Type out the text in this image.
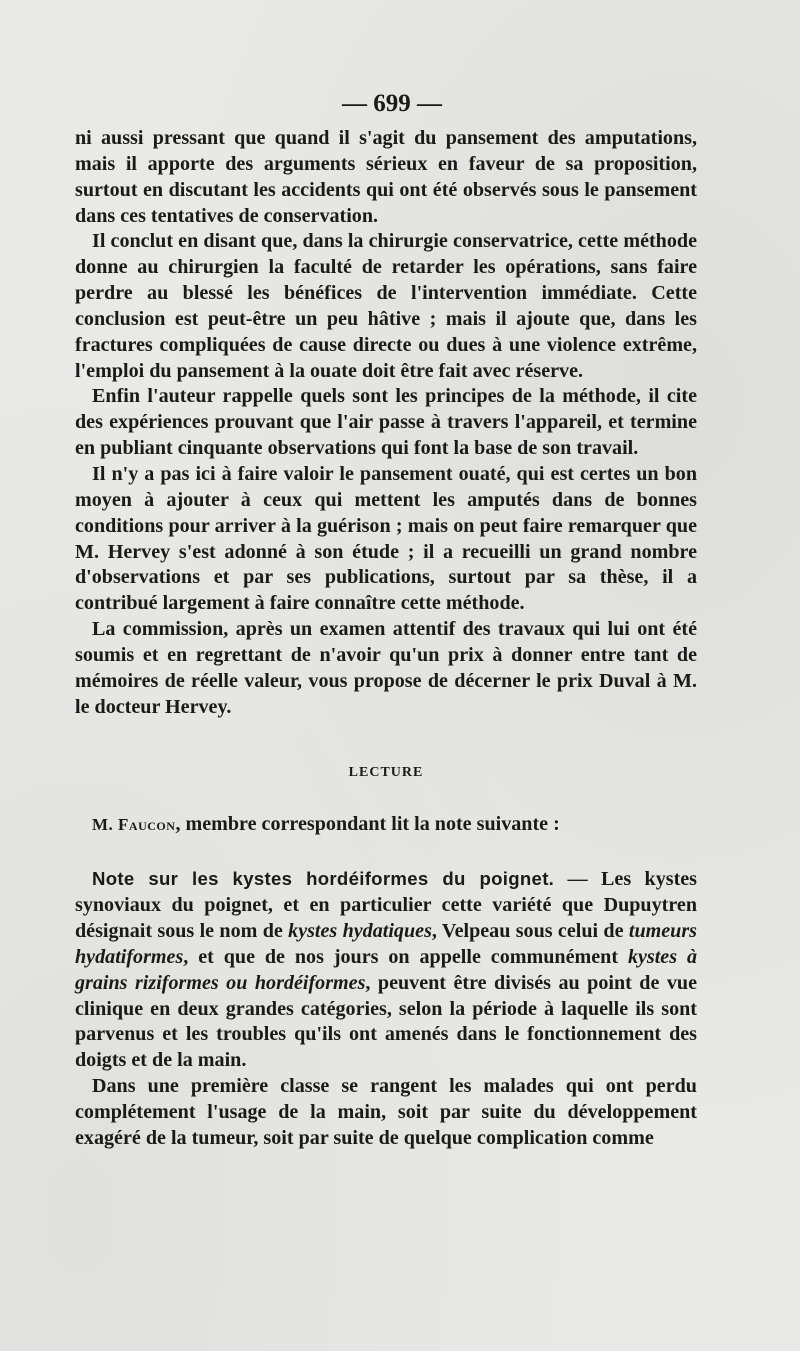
— 699 —

ni aussi pressant que quand il s'agit du pansement des amputations, mais il apporte des arguments sérieux en faveur de sa proposition, surtout en discutant les accidents qui ont été observés sous le pansement dans ces tentatives de conservation.

Il conclut en disant que, dans la chirurgie conservatrice, cette méthode donne au chirurgien la faculté de retarder les opérations, sans faire perdre au blessé les bénéfices de l'intervention immédiate. Cette conclusion est peut-être un peu hâtive ; mais il ajoute que, dans les fractures compliquées de cause directe ou dues à une violence extrême, l'emploi du pansement à la ouate doit être fait avec réserve.

Enfin l'auteur rappelle quels sont les principes de la méthode, il cite des expériences prouvant que l'air passe à travers l'appareil, et termine en publiant cinquante observations qui font la base de son travail.

Il n'y a pas ici à faire valoir le pansement ouaté, qui est certes un bon moyen à ajouter à ceux qui mettent les amputés dans de bonnes conditions pour arriver à la guérison ; mais on peut faire remarquer que M. Hervey s'est adonné à son étude ; il a recueilli un grand nombre d'observations et par ses publications, surtout par sa thèse, il a contribué largement à faire connaître cette méthode.

La commission, après un examen attentif des travaux qui lui ont été soumis et en regrettant de n'avoir qu'un prix à donner entre tant de mémoires de réelle valeur, vous propose de décerner le prix Duval à M. le docteur Hervey.

LECTURE
M. Faucon, membre correspondant lit la note suivante :

Note sur les kystes hordéiformes du poignet. — Les kystes synoviaux du poignet, et en particulier cette variété que Dupuytren désignait sous le nom de kystes hydatiques, Velpeau sous celui de tumeurs hydatiformes, et que de nos jours on appelle communément kystes à grains riziformes ou hordéiformes, peuvent être divisés au point de vue clinique en deux grandes catégories, selon la période à laquelle ils sont parvenus et les troubles qu'ils ont amenés dans le fonctionnement des doigts et de la main.

Dans une première classe se rangent les malades qui ont perdu complétement l'usage de la main, soit par suite du développement exagéré de la tumeur, soit par suite de quelque complication comme
